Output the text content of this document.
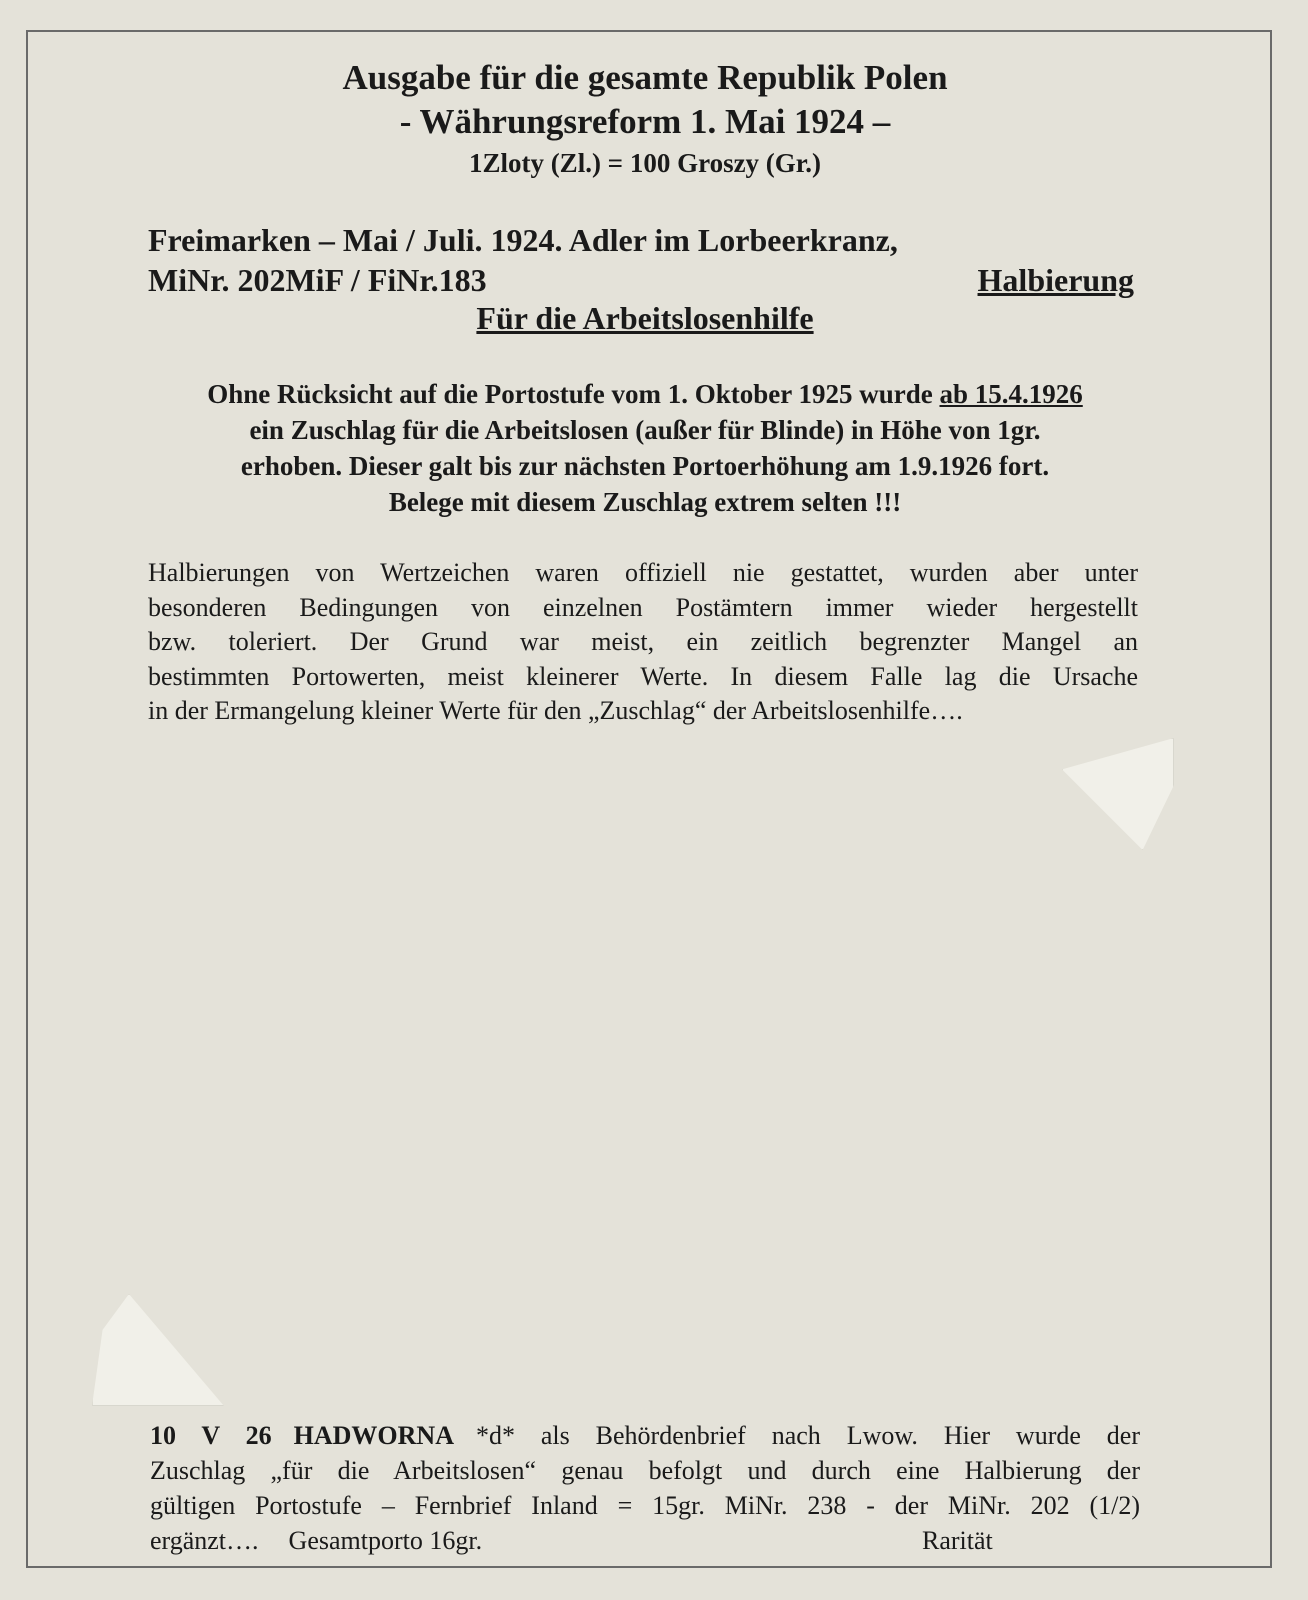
Ausgabe für die gesamte Republik Polen
- Währungsreform 1. Mai 1924 –
1Zloty (Zl.) = 100 Groszy (Gr.)
Freimarken – Mai / Juli. 1924. Adler im Lorbeerkranz,
MiNr. 202MiF / FiNr.183	Halbierung
Für die Arbeitslosenhilfe

Ohne Rücksicht auf die Portostufe vom 1. Oktober 1925 wurde ab 15.4.1926

ein Zuschlag für die Arbeitslosen (außer für Blinde) in Höhe von 1gr.

erhoben. Dieser galt bis zur nächsten Portoerhöhung am 1.9.1926 fort.

Belege mit diesem Zuschlag extrem selten !!!

Halbierungen von Wertzeichen waren offiziell nie gestattet, wurden aber unter

besonderen Bedingungen von einzelnen Postämtern immer wieder hergestellt

bzw. toleriert. Der Grund war meist, ein zeitlich begrenzter Mangel an

bestimmten Portowerten, meist kleinerer Werte. In diesem Falle lag die Ursache

in der Ermangelung kleiner Werte für den „Zuschlag“ der Arbeitslosenhilfe….

10 V 26 HADWORNA *d* als Behördenbrief nach Lwow. Hier wurde der

Zuschlag „für die Arbeitslosen“ genau befolgt und durch eine Halbierung der

gültigen Portostufe – Fernbrief Inland = 15gr. MiNr. 238 - der MiNr. 202 (1/2)

ergänzt…. Gesamtporto 16gr.	Rarität
